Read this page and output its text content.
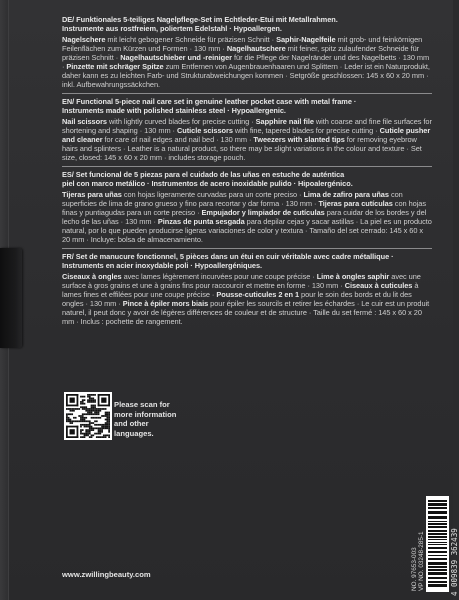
DE/ Funktionales 5-teiliges Nagelpflege-Set im Echtleder-Etui mit Metallrahmen.
Instrumente aus rostfreiem, poliertem Edelstahl · Hypoallergen.
Nagelschere mit leicht gebogener Schneide für präzisen Schnitt · Saphir-Nagelfeile mit grob- und feinkörnigen Feilenflächen zum Kürzen und Formen · 130 mm · Nagelhautschere mit feiner, spitz zulaufender Schneide für präzisen Schnitt · Nagelhautschieber und -reiniger für die Pflege der Nagelränder und des Nagelbetts · 130 mm · Pinzette mit schräger Spitze zum Entfernen von Augenbrauenhaaren und Splittern · Leder ist ein Naturprodukt, daher kann es zu leichten Farb- und Strukturabweichungen kommen · Setgröße geschlossen: 145 x 60 x 20 mm · inkl. Aufbewahrungssäckchen.
EN/ Functional 5-piece nail care set in genuine leather pocket case with metal frame ·
Instruments made with polished stainless steel · Hypoallergenic.
Nail scissors with lightly curved blades for precise cutting · Sapphire nail file with coarse and fine file surfaces for shortening and shaping · 130 mm · Cuticle scissors with fine, tapered blades for precise cutting · Cuticle pusher and cleaner for care of nail edges and nail bed · 130 mm · Tweezers with slanted tips for removing eyebrow hairs and splinters · Leather is a natural product, so there may be slight variations in the colour and texture · Set size, closed: 145 x 60 x 20 mm · includes storage pouch.
ES/ Set funcional de 5 piezas para el cuidado de las uñas en estuche de auténtica
piel con marco metálico · Instrumentos de acero inoxidable pulido · Hipoalergénico.
Tijeras para uñas con hojas ligeramente curvadas para un corte preciso · Lima de zafiro para uñas con superficies de lima de grano grueso y fino para recortar y dar forma · 130 mm · Tijeras para cutículas con hojas finas y puntiagudas para un corte preciso · Empujador y limpiador de cutículas para cuidar de los bordes y del lecho de las uñas · 130 mm · Pinzas de punta sesgada para depilar cejas y sacar astillas · La piel es un producto natural, por lo que pueden producirse ligeras variaciones de color y textura · Tamaño del set cerrado: 145 x 60 x 20 mm · Incluye: bolsa de almacenamiento.
FR/ Set de manucure fonctionnel, 5 pièces dans un étui en cuir véritable avec cadre métallique ·
Instruments en acier inoxydable poli · Hypoallergéniques.
Ciseaux à ongles avec lames légèrement incurvées pour une coupe précise · Lime à ongles saphir avec une surface à gros grains et une à grains fins pour raccourcir et mettre en forme · 130 mm · Ciseaux à cuticules à lames fines et effilées pour une coupe précise · Pousse-cuticules 2 en 1 pour le soin des bords et du lit des ongles · 130 mm · Pince à épiler mors biais pour épiler les sourcils et retirer les échardes · Le cuir est un produit naturel, il peut donc y avoir de légères différences de couleur et de structure · Taille du set fermé : 145 x 60 x 20 mm · Inclus : pochette de rangement.
Please scan for more information and other languages.
www.zwillingbeauty.com	NO. 97653-003 VP NO. 03248-285-1	4 009839 362439
